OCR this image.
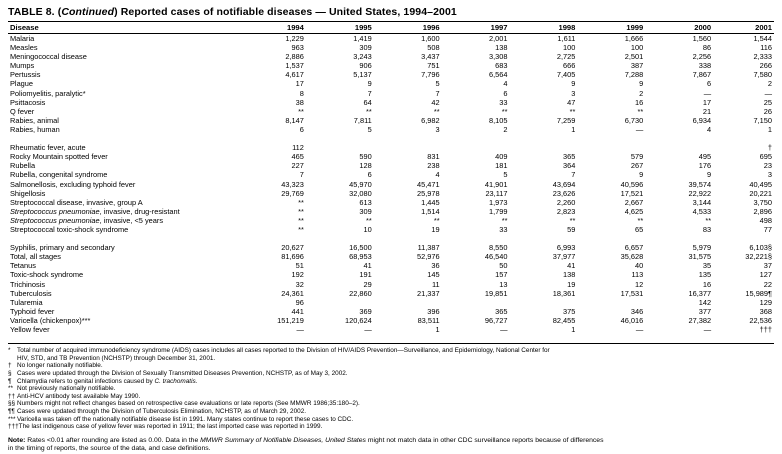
TABLE 8. (Continued) Reported cases of notifiable diseases — United States, 1994–2001
Disease	1994	1995	1996	1997	1998	1999	2000	2001
Malaria	1,229	1,419	1,600	2,001	1,611	1,666	1,560	1,544
Measles	963	309	508	138	100	100	86	116
Meningococcal disease	2,886	3,243	3,437	3,308	2,725	2,501	2,256	2,333
Mumps	1,537	906	751	683	666	387	338	266
Pertussis	4,617	5,137	7,796	6,564	7,405	7,288	7,867	7,580
Plague	17	9	5	4	9	9	6	2
Poliomyelitis, paralytic*	8	7	7	6	3	2	—	—
Psittacosis	38	64	42	33	47	16	17	25
Q fever	**	**	**	**	**	**	21	26
Rabies, animal	8,147	7,811	6,982	8,105	7,259	6,730	6,934	7,150
Rabies, human	6	5	3	2	1	—	4	1

Rheumatic fever, acute	112							†
Rocky Mountain spotted fever	465	590	831	409	365	579	495	695
Rubella	227	128	238	181	364	267	176	23
Rubella, congenital syndrome	7	6	4	5	7	9	9	3
Salmonellosis, excluding typhoid fever	43,323	45,970	45,471	41,901	43,694	40,596	39,574	40,495
Shigellosis	29,769	32,080	25,978	23,117	23,626	17,521	22,922	20,221
Streptococcal disease, invasive, group A	**	613	1,445	1,973	2,260	2,667	3,144	3,750
Streptococcus pneumoniae, invasive, drug-resistant	**	309	1,514	1,799	2,823	4,625	4,533	2,896
Streptococcus pneumoniae, invasive, <5 years	**	**	**	**	**	**	**	498
Streptococcal toxic-shock syndrome	**	10	19	33	59	65	83	77

Syphilis, primary and secondary	20,627	16,500	11,387	8,550	6,993	6,657	5,979	6,103§
Total, all stages	81,696	68,953	52,976	46,540	37,977	35,628	31,575	32,221§
Tetanus	51	41	36	50	41	40	35	37
Toxic-shock syndrome	192	191	145	157	138	113	135	127
Trichinosis	32	29	11	13	19	12	16	22
Tuberculosis	24,361	22,860	21,337	19,851	18,361	17,531	16,377	15,989¶
Tularemia	96						142	129
Typhoid fever	441	369	396	365	375	346	377	368
Varicella (chickenpox)***	151,219	120,624	83,511	96,727	82,455	46,016	27,382	22,536
Yellow fever	—	—	1	—	1	—	—	†††

* Total number of acquired immunodeficiency syndrome (AIDS) cases includes all cases reported to the Division of HIV/AIDS Prevention—Surveillance, and Epidemiology, National Center for
HIV, STD, and TB Prevention (NCHSTP) through December 31, 2001.
† No longer nationally notifiable.
§ Cases were updated through the Division of Sexually Transmitted Diseases Prevention, NCHSTP, as of May 3, 2002.
¶ Chlamydia refers to genital infections caused by C. trachomatis.
** Not previously nationally notifiable.
†† Anti-HCV antibody test available May 1990.
§§ Numbers might not reflect changes based on retrospective case evaluations or late reports (See MMWR 1986;35:180–2).
¶¶ Cases were updated through the Division of Tuberculosis Elimination, NCHSTP, as of March 29, 2002.
*** Varicella was taken off the nationally notifiable disease list in 1991. Many states continue to report these cases to CDC.
†††The last indigenous case of yellow fever was reported in 1911; the last imported case was reported in 1999.
Note: Rates <0.01 after rounding are listed as 0.00. Data in the MMWR Summary of Notifiable Diseases, United States might not match data in other CDC surveillance reports because of differences
in the timing of reports, the source of the data, and case definitions.
